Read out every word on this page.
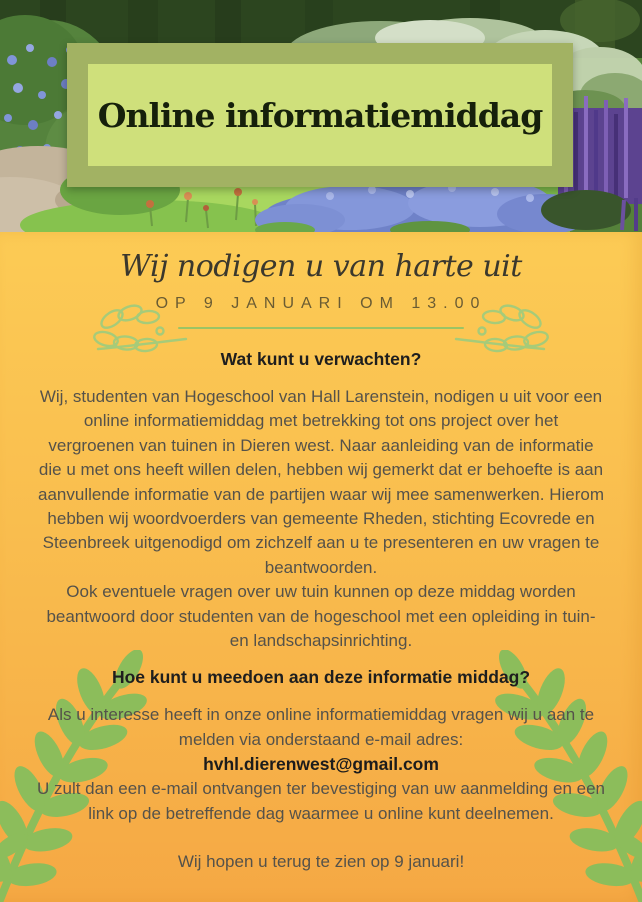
Online informatiemiddag
Wij nodigen u van harte uit
OP 9 JANUARI OM 13.00
Wat kunt u verwachten?
Wij, studenten van Hogeschool van Hall Larenstein, nodigen u uit voor een
online informatiemiddag met betrekking tot ons project over het
vergroenen van tuinen in Dieren west. Naar aanleiding van de informatie
die u met ons heeft willen delen, hebben wij gemerkt dat er behoefte is aan
aanvullende informatie van de partijen waar wij mee samenwerken. Hierom
hebben wij woordvoerders van gemeente Rheden, stichting Ecovrede en
Steenbreek uitgenodigd om zichzelf aan u te presenteren en uw vragen te
beantwoorden.
Ook eventuele vragen over uw tuin kunnen op deze middag worden
beantwoord door studenten van de hogeschool met een opleiding in tuin-
en landschapsinrichting.
Hoe kunt u meedoen aan deze informatie middag?
Als u interesse heeft in onze online informatiemiddag vragen wij u aan te
melden via onderstaand e-mail adres:
hvhl.dierenwest@gmail.com
U zult dan een e-mail ontvangen ter bevestiging van uw aanmelding en een
link op de betreffende dag waarmee u online kunt deelnemen.
Wij hopen u terug te zien op 9 januari!
